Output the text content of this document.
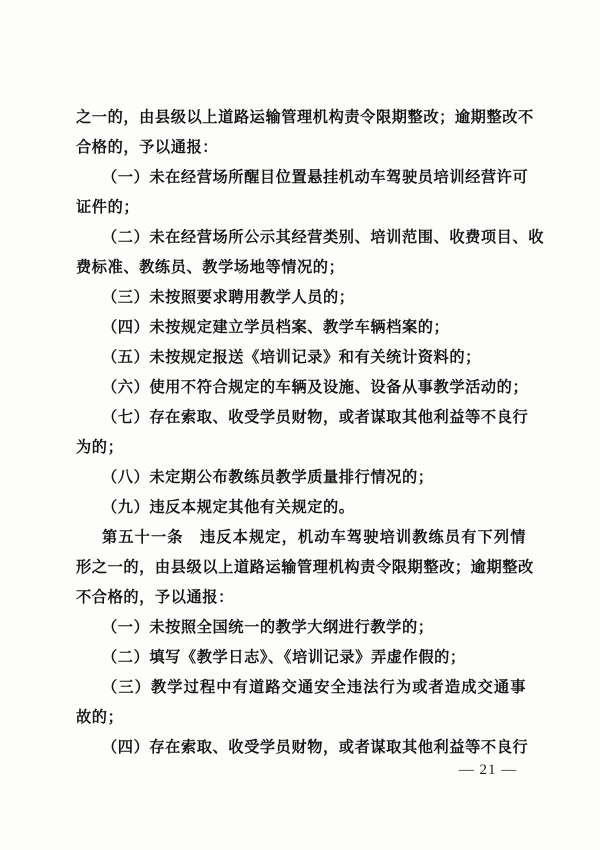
之一的，由县级以上道路运输管理机构责令限期整改；逾期整改不
合格的，予以通报：
（一）未在经营场所醒目位置悬挂机动车驾驶员培训经营许可
证件的；
（二）未在经营场所公示其经营类别、培训范围、收费项目、收
费标准、教练员、教学场地等情况的；
（三）未按照要求聘用教学人员的；
（四）未按规定建立学员档案、教学车辆档案的；
（五）未按规定报送《培训记录》和有关统计资料的；
（六）使用不符合规定的车辆及设施、设备从事教学活动的；
（七）存在索取、收受学员财物，或者谋取其他利益等不良行
为的；
（八）未定期公布教练员教学质量排行情况的；
（九）违反本规定其他有关规定的。
第五十一条　违反本规定，机动车驾驶培训教练员有下列情
形之一的，由县级以上道路运输管理机构责令限期整改；逾期整改
不合格的，予以通报：
（一）未按照全国统一的教学大纲进行教学的；
（二）填写《教学日志》、《培训记录》弄虚作假的；
（三）教学过程中有道路交通安全违法行为或者造成交通事
故的；
（四）存在索取、收受学员财物，或者谋取其他利益等不良行
— 21 —
